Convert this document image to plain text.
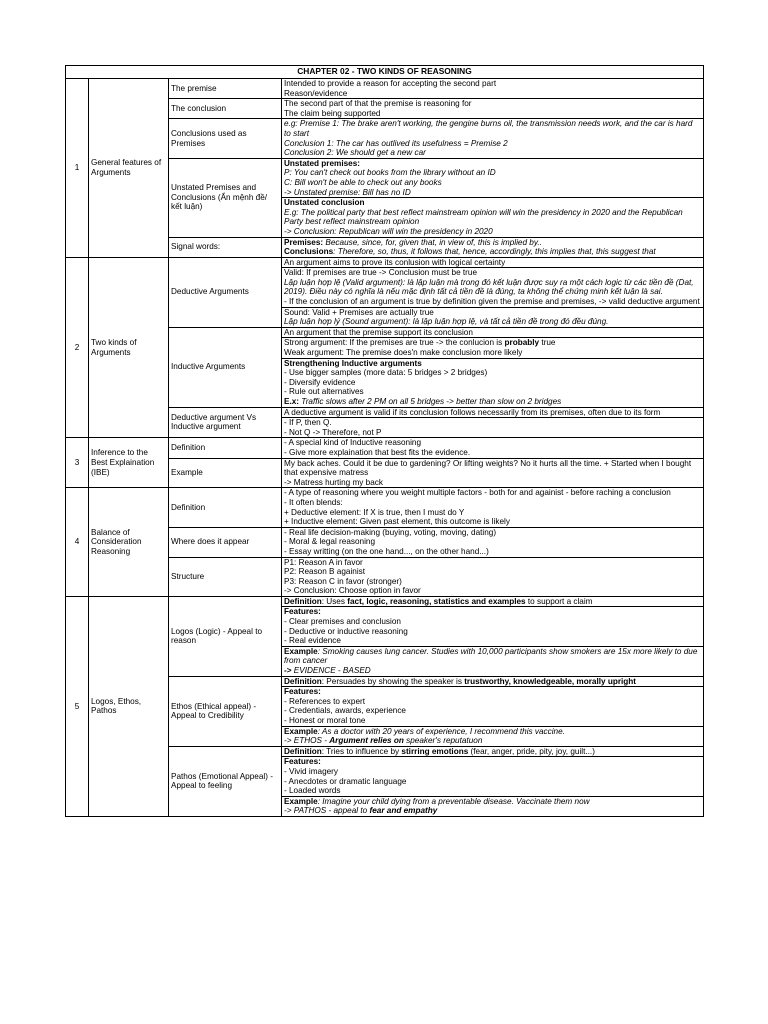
CHAPTER 02 - TWO KINDS OF REASONING			
1	General features of Arguments	The premise	Intended to provide a reason for accepting the second part
Reason/evidence

		The conclusion	The second part of that the premise is reasoning for
The claim being supported

		Conclusions used as Premises	e.g: Premise 1: The brake aren't working, the gengine burns oil, the transmission needs work, and the car is hard to start
Conclusion 1: The car has outlived its usefulness = Premise 2
Conclusion 2: We should get a new car

		Unstated Premises and Conclusions (Ẩn mệnh đề/ kết luận)	Unstated premises:
P: You can't check out books from the library without an ID
C: Bill won't be able to check out any books
-> Unstated premise: Bill has no ID

			Unstated conclusion
E.g: The political party that best reflect mainstream opinion will win the presidency in 2020 and the Republican Party best reflect mainstream opinion
-> Conclusion: Republican will win the presidency in 2020

		Signal words:	Premises: Because, since, for, given that, in view of, this is implied by..
Conclusions: Therefore, so, thus, it follows that, hence, accordingly, this implies that, this suggest that

2	Two kinds of Arguments	Deductive Arguments	An argument aims to prove its conlusion with logical certainty

			Valid: If premises are true -> Conclusion must be true
Lập luận hợp lệ (Valid argument): là lập luận mà trong đó kết luận được suy ra một cách logic từ các tiền đề (Dat, 2019). Điều này có nghĩa là nếu mặc định tất cả tiền đề là đúng, ta không thể chứng minh kết luận là sai.
- If the conclusion of an argument is true by definition given the premise and premises, -> valid deductive argument

			Sound: Valid + Premises are actually true
Lập luận hợp lý (Sound argument): là lập luận hợp lệ, và tất cả tiền đề trong đó đều đúng.

		Inductive Arguments	An argument that the premise support its conclusion

			Strong argument: If the premises are true -> the conlucion is probably true
Weak argument: The premise does'n make conclusion more likely

			Strengthening Inductive arguments
- Use bigger samples (more data: 5 bridges > 2 bridges)
- Diversify evidence
- Rule out alternatives
E.x: Traffic slows after 2 PM on all 5 bridges -> better than slow on 2 bridges

		Deductive argument Vs Inductive argument	A deductive argument is valid if its conclusion follows necessarily from its premises, often due to its form

			- If P, then Q.
- Not Q -> Therefore, not P

3	Inference to the Best Explaination (IBE)	Definition	- A special kind of Inductive reasoning
- Give more explaination that best fits the evidence.

		Example	My back aches. Could it be due to gardening? Or lifting weights? No it hurts all the time. + Started when I bought that expensive matress
-> Matress hurting my back

4	Balance of Consideration Reasoning	Definition	- A type of reasoning where you weight multiple factors - both for and againist - before raching a conclusion
- It often blends:
+ Deductive element: If X is true, then I must do Y
+ Inductive element: Given past element, this outcome is likely

		Where does it appear	- Real life decision-making (buying, voting, moving, dating)
- Moral & legal reasoning
- Essay writting (on the one hand..., on the other hand...)

		Structure	P1: Reason A in favor
P2: Reason B againist
P3: Reason C in favor (stronger)
-> Conclusion: Choose option in favor

5	Logos, Ethos, Pathos	Logos (Logic) - Appeal to reason	Definition: Uses fact, logic, reasoning, statistics and examples to support a claim

			Features:
- Clear premises and conclusion
- Deductive or inductive reasoning
- Real evidence

			Example: Smoking causes lung cancer. Studies with 10,000 participants show smokers are 15x more likely to due from cancer
-> EVIDENCE - BASED

		Ethos (Ethical appeal) - Appeal to Credibility	Definition: Persuades by showing the speaker is trustworthy, knowledgeable, morally upright

			Features:
- References to expert
- Credentials, awards, experience
- Honest or moral tone

			Example: As a doctor with 20 years of experience, I recommend this vaccine.
-> ETHOS - Argument relies on speaker's reputatuon

		Pathos (Emotional Appeal) - Appeal to feeling	Definition: Tries to influence by stirring emotions (fear, anger, pride, pity, joy, guilt...)

			Features:
- Vivid imagery
- Anecdotes or dramatic language
- Loaded words

			Example: Imagine your child dying from a preventable disease. Vaccinate them now
-> PATHOS - appeal to fear and empathy
